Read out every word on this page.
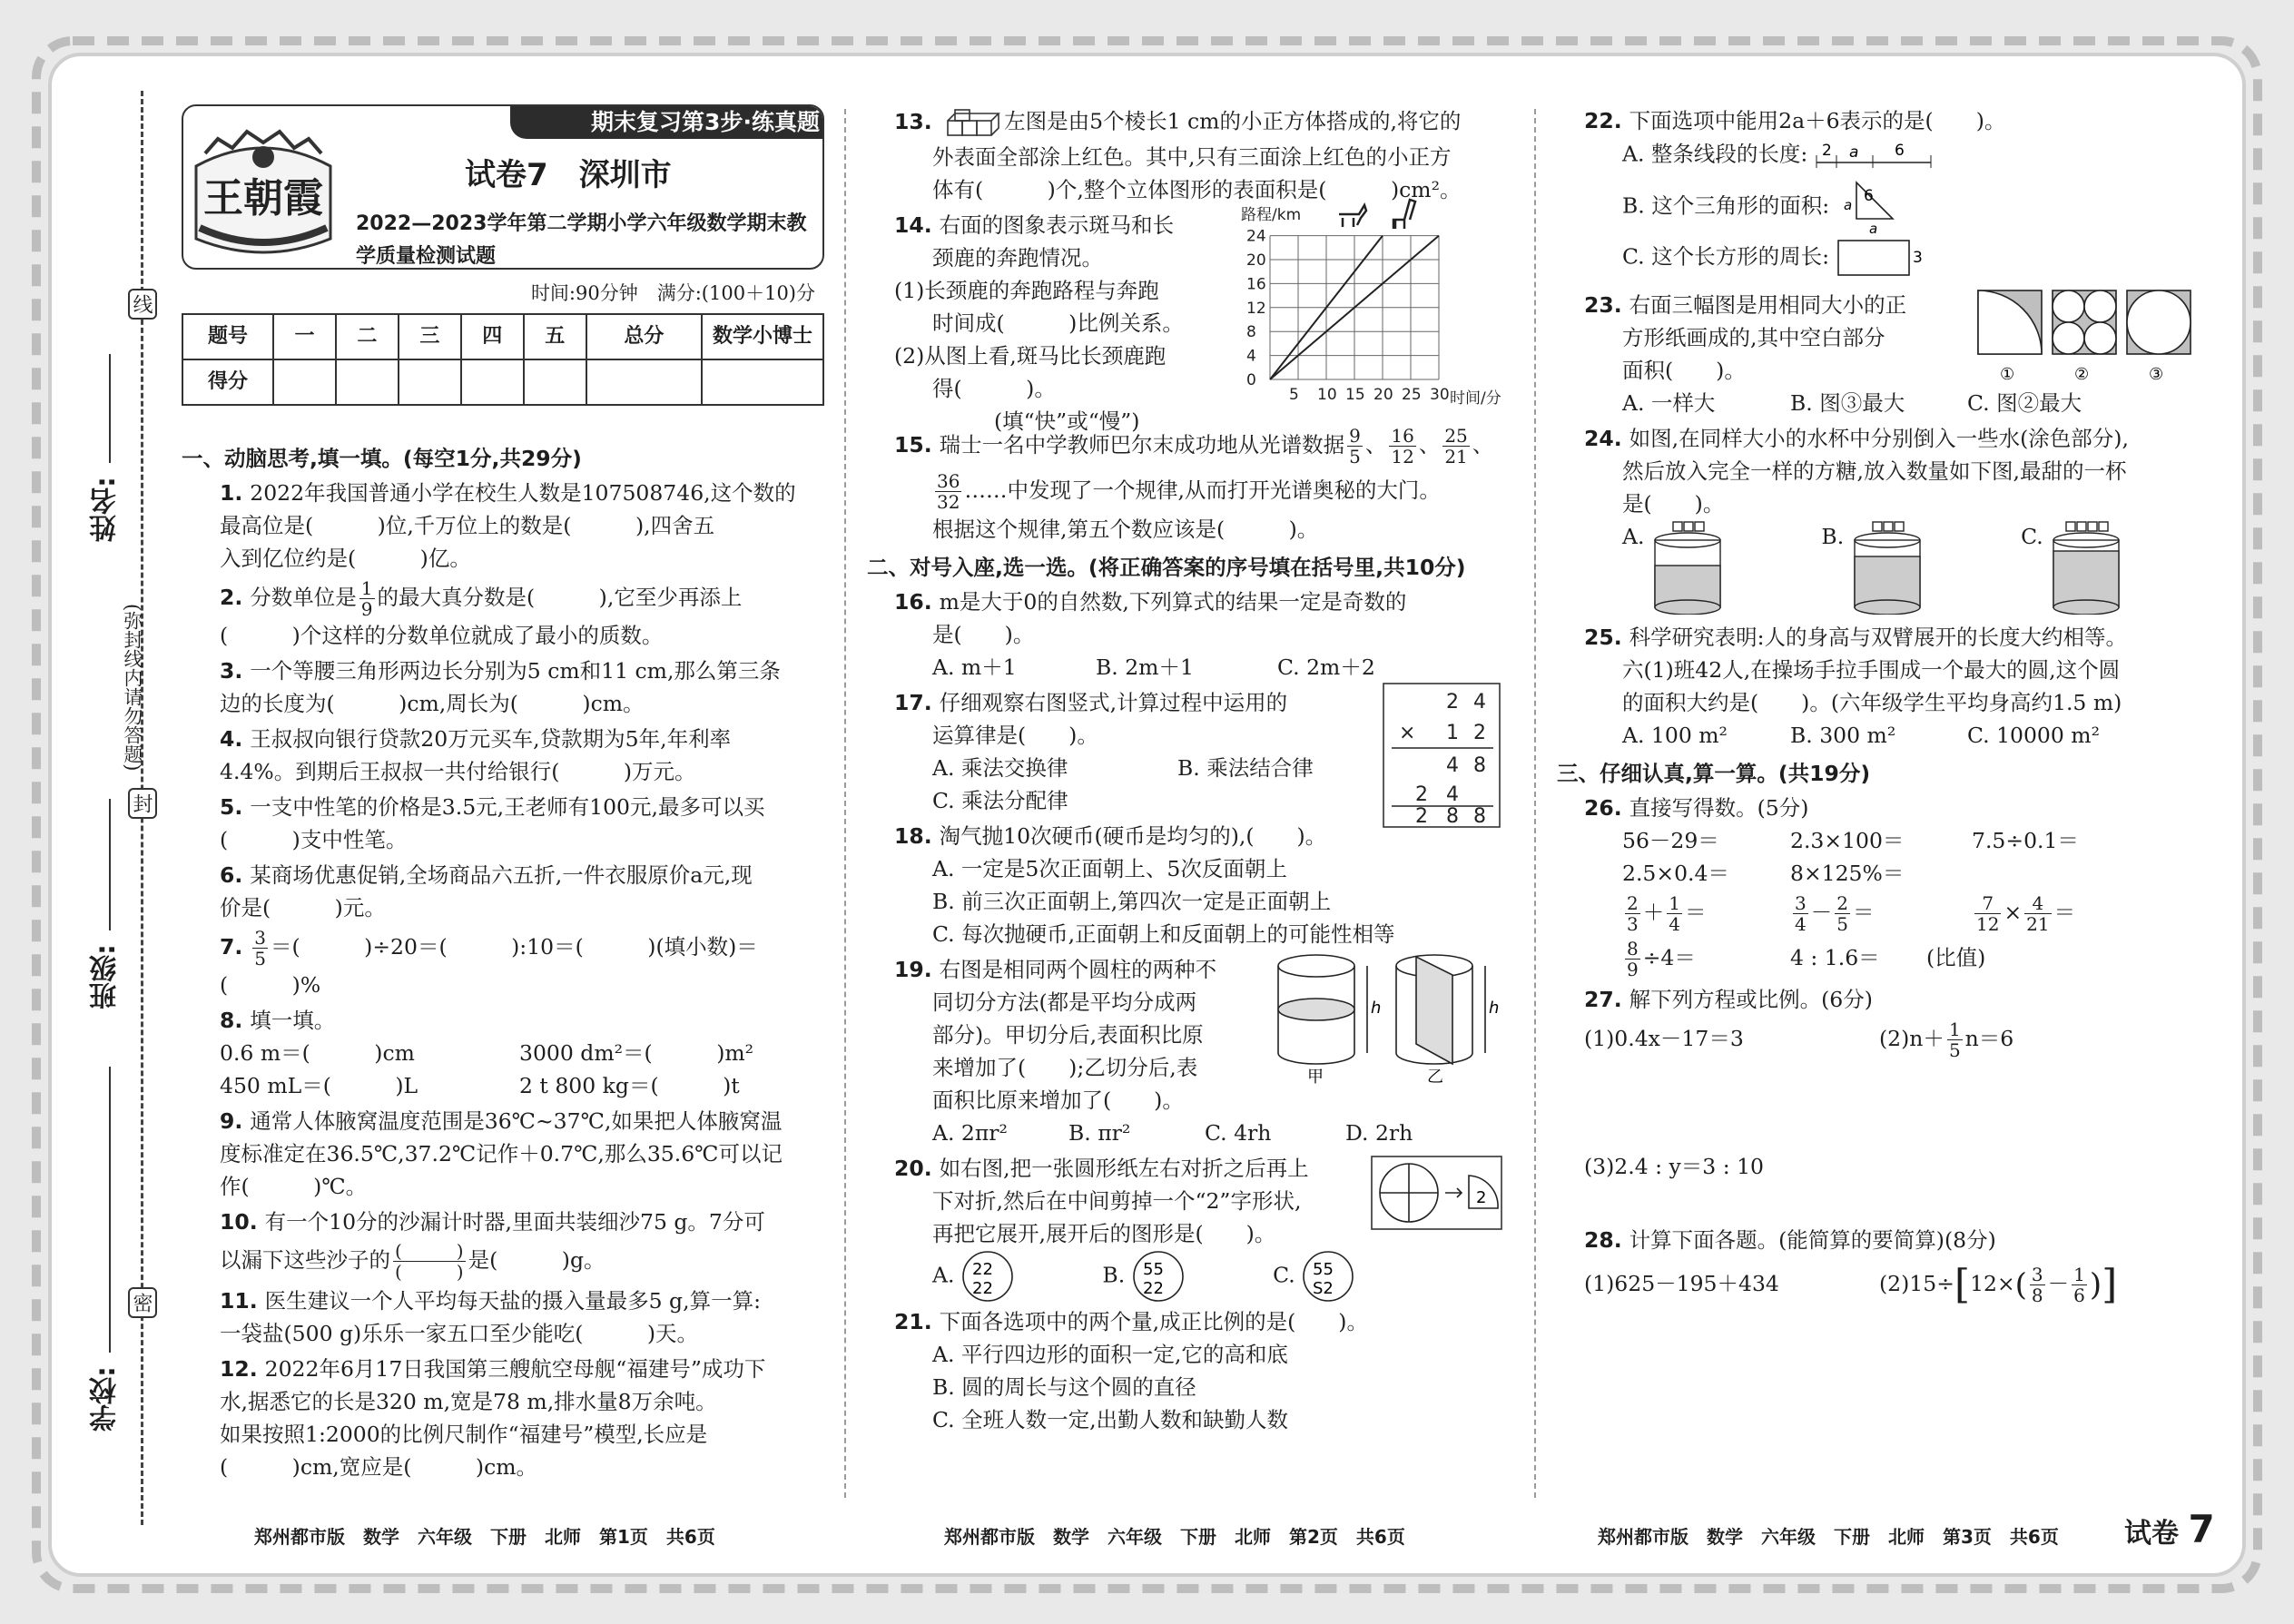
姓名:
班级:
学校:
线
封
密
(弥封线内请勿答题)
王朝霞
期末复习第3步·练真题
试卷7　深圳市
2022—2023学年第二学期小学六年级数学期末教学质量检测试题
时间:90分钟　满分:(100＋10)分
题号	一	二	三	四	五	总分	数学小博士
得分							

一、动脑思考,填一填。(每空1分,共29分)

1. 2022年我国普通小学在校生人数是107508746,这个数的

最高位是(　　　)位,千万位上的数是(　　　),四舍五

入到亿位约是(　　　)亿。

2. 分数单位是 $\frac{1}{9}$ 的最大真分数是(　　　),它至少再添上

(　　　)个这样的分数单位就成了最小的质数。

3. 一个等腰三角形两边长分别为5 cm和11 cm,那么第三条

边的长度为(　　　)cm,周长为(　　　)cm。

4. 王叔叔向银行贷款20万元买车,贷款期为5年,年利率

4.4%。到期后王叔叔一共付给银行(　　　)万元。

5. 一支中性笔的价格是3.5元,王老师有100元,最多可以买

(　　　)支中性笔。

6. 某商场优惠促销,全场商品六五折,一件衣服原价a元,现

价是(　　　)元。

7. $\frac{3}{5}$ ＝(　　　)÷20＝(　　　):10＝(　　　)(填小数)＝

(　　　)%

8. 填一填。

0.6 m＝(　　　)cm	3000 dm²＝(　　　)m²

450 mL＝(　　　)L	2 t 800 kg＝(　　　)t

9. 通常人体腋窝温度范围是36℃~37℃,如果把人体腋窝温

度标准定在36.5℃,37.2℃记作＋0.7℃,那么35.6℃可以记

作(　　　)℃。

10. 有一个10分的沙漏计时器,里面共装细沙75 g。7分可

以漏下这些沙子的 (　　　)
(　　　) 是(　　　)g。

11. 医生建议一个人平均每天盐的摄入量最多5 g,算一算:

一袋盐(500 g)乐乐一家五口至少能吃(　　　)天。

12. 2022年6月17日我国第三艘航空母舰“福建号”成功下

水,据悉它的长是320 m,宽是78 m,排水量8万余吨。

如果按照1:2000的比例尺制作“福建号”模型,长应是

(　　　)cm,宽应是(　　　)cm。

13.	左图是由5个棱长1 cm的小正方体搭成的,将它的

外表面全部涂上红色。其中,只有三面涂上红色的小正方

体有(　　　)个,整个立体图形的表面积是(　　　)cm²。

14. 右面的图象表示斑马和长

颈鹿的奔跑情况。

(1)长颈鹿的奔跑路程与奔跑

时间成(　　　)比例关系。

(2)从图上看,斑马比长颈鹿跑

得(　　　)。

(填“快”或“慢”)

5 10 15 20 25 30
0
4
8
12
16
20
24
路程/km
时间/分

15. 瑞士一名中学教师巴尔末成功地从光谱数据 $\frac{9}{5}$ 、 $\frac{16}{12}$ 、 $\frac{25}{21}$ 、

$\frac{36}{32}$ ……中发现了一个规律,从而打开光谱奥秘的大门。

根据这个规律,第五个数应该是(　　　)。

二、对号入座,选一选。(将正确答案的序号填在括号里,共10分)

16. m是大于0的自然数,下列算式的结果一定是奇数的

是(　　)。

A. m＋1	B. 2m＋1	C. 2m＋2

17. 仔细观察右图竖式,计算过程中运用的

运算律是(　　)。

A. 乘法交换律	B. 乘法结合律

C. 乘法分配律

2 4
× 1 2
4 8
2 4
2 8 8

18. 淘气抛10次硬币(硬币是均匀的),(　　)。

A. 一定是5次正面朝上、5次反面朝上

B. 前三次正面朝上,第四次一定是正面朝上

C. 每次抛硬币,正面朝上和反面朝上的可能性相等

19. 右图是相同两个圆柱的两种不

同切分方法(都是平均分成两

部分)。甲切分后,表面积比原

来增加了(　　);乙切分后,表

面积比原来增加了(　　)。

A. 2πr²	B. πr²	C. 4rh	D. 2rh

h	h
甲	乙

20. 如右图,把一张圆形纸左右对折之后再上

下对折,然后在中间剪掉一个“2”字形状,

再把它展开,展开后的图形是(　　)。

A. 22
22
B. 55
22
C. 55
S2

2

21. 下面各选项中的两个量,成正比例的是(　　)。

A. 平行四边形的面积一定,它的高和底

B. 圆的周长与这个圆的直径

C. 全班人数一定,出勤人数和缺勤人数

22. 下面选项中能用2a＋6表示的是(　　)。

A. 整条线段的长度: 2 a 6

B. 这个三角形的面积: 6
a
a

C. 这个长方形的周长:	3

23. 右面三幅图是用相同大小的正

方形纸画成的,其中空白部分

面积(　　)。

A. 一样大	B. 图③最大	C. 图②最大

①	②	③

24. 如图,在同样大小的水杯中分别倒入一些水(涂色部分),

然后放入完全一样的方糖,放入数量如下图,最甜的一杯

是(　　)。

A.	B.	C.

25. 科学研究表明:人的身高与双臂展开的长度大约相等。

六(1)班42人,在操场手拉手围成一个最大的圆,这个圆

的面积大约是(　　)。(六年级学生平均身高约1.5 m)

A. 100 m²	B. 300 m²	C. 10000 m²

三、仔细认真,算一算。(共19分)

26. 直接写得数。(5分)

56－29＝	2.3×100＝	7.5÷0.1＝

2.5×0.4＝	8×125%＝

$\frac{2}{3} + \frac{1}{4}$ ＝	$\frac{3}{4} - \frac{2}{5}$ ＝	$\frac{7}{12} \times \frac{4}{21}$ ＝

$\frac{8}{9} \div 4=$	4 : 1.6＝ (比值)

27. 解下列方程或比例。(6分)

(1)0.4x－17＝3	$(2)n+ \frac{1}{5} n=6$

(3)2.4 : y＝3 : 10

28. 计算下面各题。(能简算的要简算)(8分)

(1)625－195＋434	$(2)15\div[12\times( \frac{3}{8} - \frac{1}{6}$ )]

郑州都市版　数学　六年级　下册　北师　第1页　共6页	郑州都市版　数学　六年级　下册　北师　第2页　共6页	郑州都市版　数学　六年级　下册　北师　第3页　共6页 试卷 7
